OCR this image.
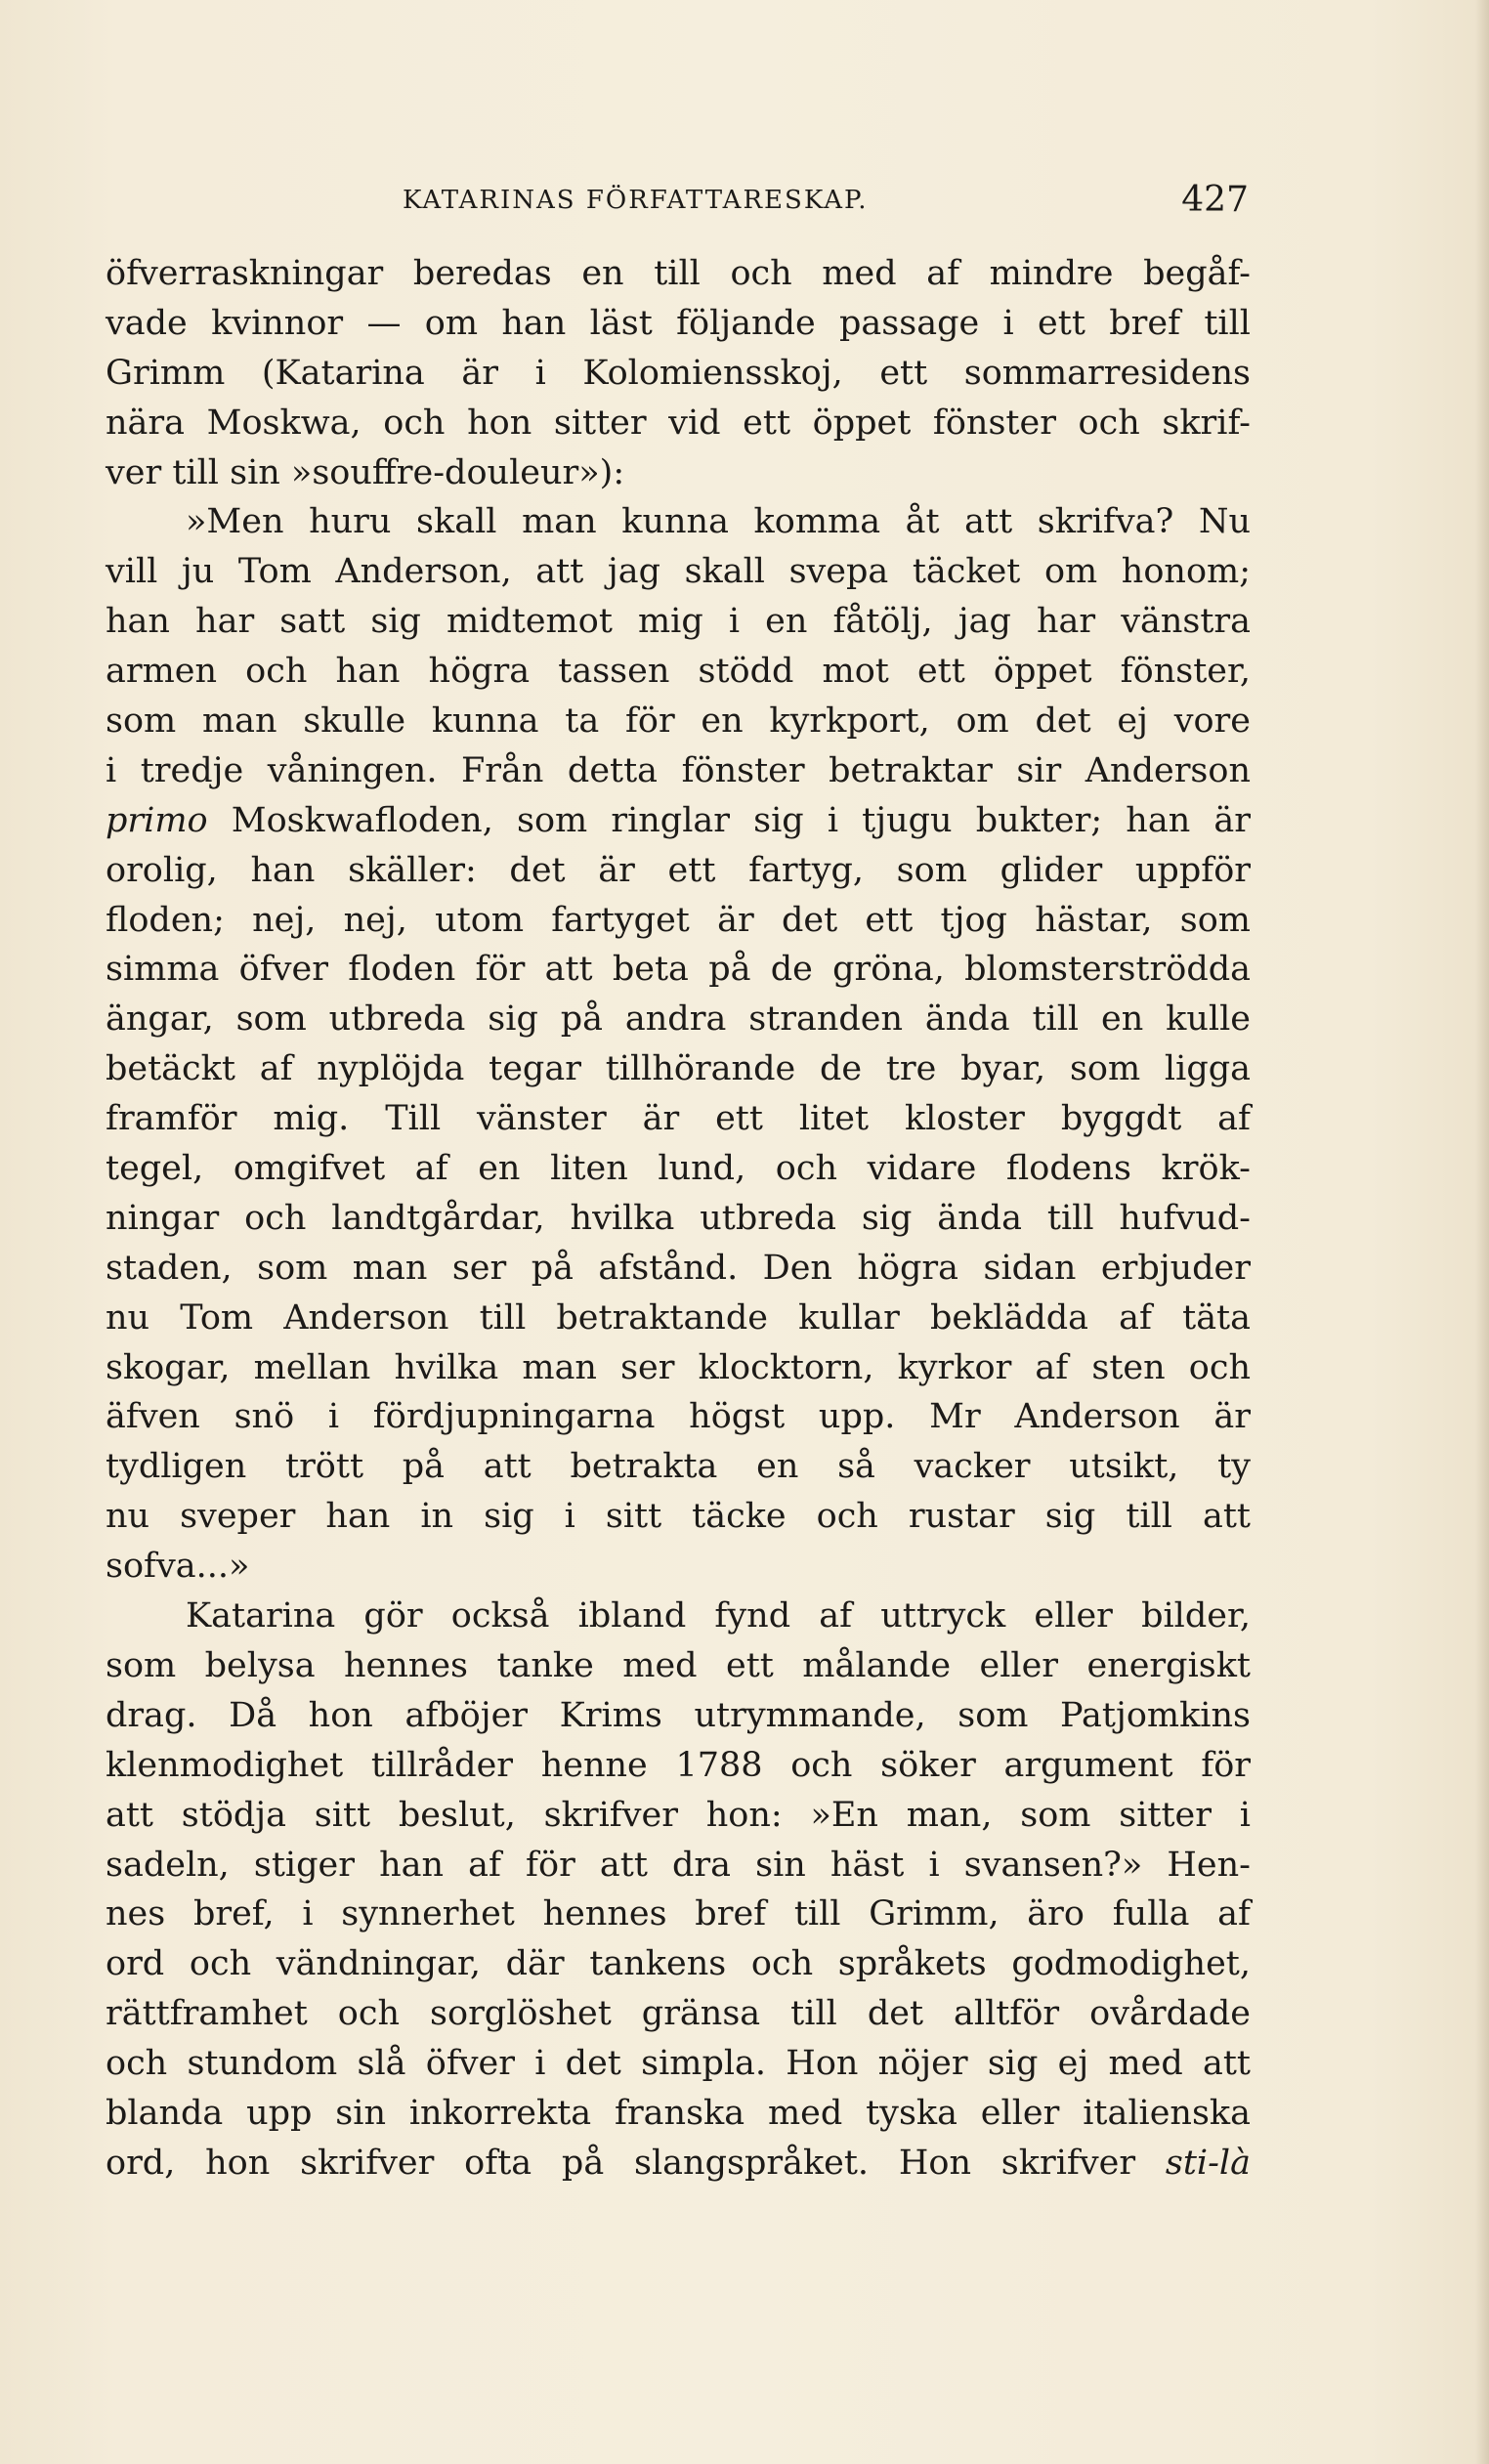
KATARINAS FÖRFATTARESKAP.	427
öfverraskningar beredas en till och med af mindre begåf-
vade kvinnor — om han läst följande passage i ett bref till
Grimm (Katarina är i Kolomiensskoj, ett sommarresidens
nära Moskwa, och hon sitter vid ett öppet fönster och skrif-
ver till sin »souffre-douleur»):
»Men huru skall man kunna komma åt att skrifva? Nu
vill ju Tom Anderson, att jag skall svepa täcket om honom;
han har satt sig midtemot mig i en fåtölj, jag har vänstra
armen och han högra tassen stödd mot ett öppet fönster,
som man skulle kunna ta för en kyrkport, om det ej vore
i tredje våningen. Från detta fönster betraktar sir Anderson
primo Moskwafloden, som ringlar sig i tjugu bukter; han är
orolig, han skäller: det är ett fartyg, som glider uppför
floden; nej, nej, utom fartyget är det ett tjog hästar, som
simma öfver floden för att beta på de gröna, blomsterströdda
ängar, som utbreda sig på andra stranden ända till en kulle
betäckt af nyplöjda tegar tillhörande de tre byar, som ligga
framför mig. Till vänster är ett litet kloster byggdt af
tegel, omgifvet af en liten lund, och vidare flodens krök-
ningar och landtgårdar, hvilka utbreda sig ända till hufvud-
staden, som man ser på afstånd. Den högra sidan erbjuder
nu Tom Anderson till betraktande kullar beklädda af täta
skogar, mellan hvilka man ser klocktorn, kyrkor af sten och
äfven snö i fördjupningarna högst upp. Mr Anderson är
tydligen trött på att betrakta en så vacker utsikt, ty
nu sveper han in sig i sitt täcke och rustar sig till att
sofva...»
Katarina gör också ibland fynd af uttryck eller bilder,
som belysa hennes tanke med ett målande eller energiskt
drag. Då hon afböjer Krims utrymmande, som Patjomkins
klenmodighet tillråder henne 1788 och söker argument för
att stödja sitt beslut, skrifver hon: »En man, som sitter i
sadeln, stiger han af för att dra sin häst i svansen?» Hen-
nes bref, i synnerhet hennes bref till Grimm, äro fulla af
ord och vändningar, där tankens och språkets godmodighet,
rättframhet och sorglöshet gränsa till det alltför ovårdade
och stundom slå öfver i det simpla. Hon nöjer sig ej med att
blanda upp sin inkorrekta franska med tyska eller italienska
ord, hon skrifver ofta på slangspråket. Hon skrifver sti-là
